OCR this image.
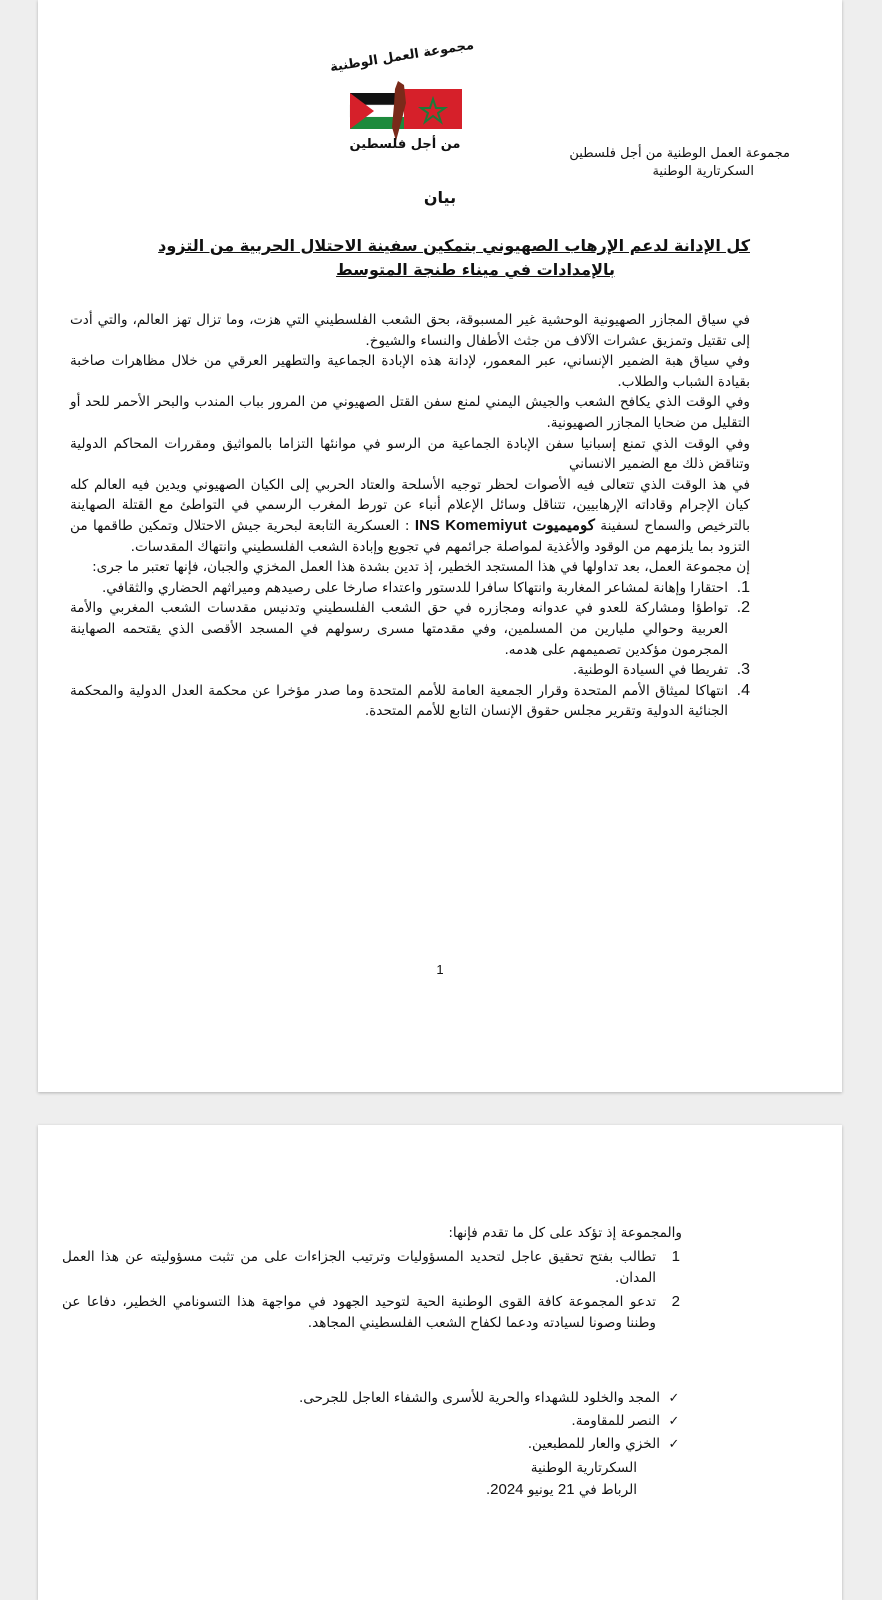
مجموعة العمل الوطنية
من أجل فلسطين
مجموعة العمل الوطنية من أجل فلسطين
السكرتارية الوطنية
بيان
كل الإدانة لدعم الإرهاب الصهيوني بتمكين سفينة الاحتلال الحربية من التزود
بالإمدادات في ميناء طنجة المتوسط

في سياق المجازر الصهيونية الوحشية غير المسبوقة، بحق الشعب الفلسطيني التي هزت، وما تزال تهز العالم، والتي أدت إلى تقتيل وتمزيق عشرات الآلاف من جثث الأطفال والنساء والشيوخ.

وفي سياق هبة الضمير الإنساني، عبر المعمور، لإدانة هذه الإبادة الجماعية والتطهير العرقي من خلال مظاهرات صاخبة بقيادة الشباب والطلاب.

وفي الوقت الذي يكافح الشعب والجيش اليمني لمنع سفن القتل الصهيوني من المرور بباب المندب والبحر الأحمر للحد أو التقليل من ضحايا المجازر الصهيونية.

وفي الوقت الذي تمنع إسبانيا سفن الإبادة الجماعية من الرسو في موانئها التزاما بالمواثيق ومقررات المحاكم الدولية وتناقض ذلك مع الضمير الانساني

في هذ الوقت الذي تتعالى فيه الأصوات لحظر توجيه الأسلحة والعتاد الحربي إلى الكيان الصهيوني ويدين فيه العالم كله كيان الإجرام وقاداته الإرهابيين، تتناقل وسائل الإعلام أنباء عن تورط المغرب الرسمي في التواطئ مع القتلة الصهاينة بالترخيص والسماح لسفينة كوميميوت INS Komemiyut : العسكرية التابعة لبحرية جيش الاحتلال وتمكين طاقمها من التزود بما يلزمهم من الوقود والأغذية لمواصلة جرائمهم في تجويع وإبادة الشعب الفلسطيني وانتهاك المقدسات.

إن مجموعة العمل، بعد تداولها في هذا المستجد الخطير، إذ تدين بشدة هذا العمل المخزي والجبان، فإنها تعتبر ما جرى:

1.
احتقارا وإهانة لمشاعر المغاربة وانتهاكا سافرا للدستور واعتداء صارخا على رصيدهم وميراثهم الحضاري والثقافي.
2.
تواطؤا ومشاركة للعدو في عدوانه ومجازره في حق الشعب الفلسطيني وتدنيس مقدسات الشعب المغربي والأمة العربية وحوالي مليارين من المسلمين، وفي مقدمتها مسرى رسولهم في المسجد الأقصى الذي يقتحمه الصهاينة المجرمون مؤكدين تصميمهم على هدمه.
3.
تفريطا في السيادة الوطنية.
4.
انتهاكا لميثاق الأمم المتحدة وقرار الجمعية العامة للأمم المتحدة وما صدر مؤخرا عن محكمة العدل الدولية والمحكمة الجنائية الدولية وتقرير مجلس حقوق الإنسان التابع للأمم المتحدة.
1
والمجموعة إذ تؤكد على كل ما تقدم فإنها:
1
تطالب بفتح تحقيق عاجل لتحديد المسؤوليات وترتيب الجزاءات على من تثبت مسؤوليته عن هذا العمل المدان.
2
تدعو المجموعة كافة القوى الوطنية الحية لتوحيد الجهود في مواجهة هذا التسونامي الخطير، دفاعا عن وطننا وصونا لسيادته ودعما لكفاح الشعب الفلسطيني المجاهد.
✓المجد والخلود للشهداء والحرية للأسرى والشفاء العاجل للجرحى.
✓النصر للمقاومة.
✓الخزي والعار للمطبعين.
السكرتارية الوطنية
الرباط في 21 يونيو .2024
